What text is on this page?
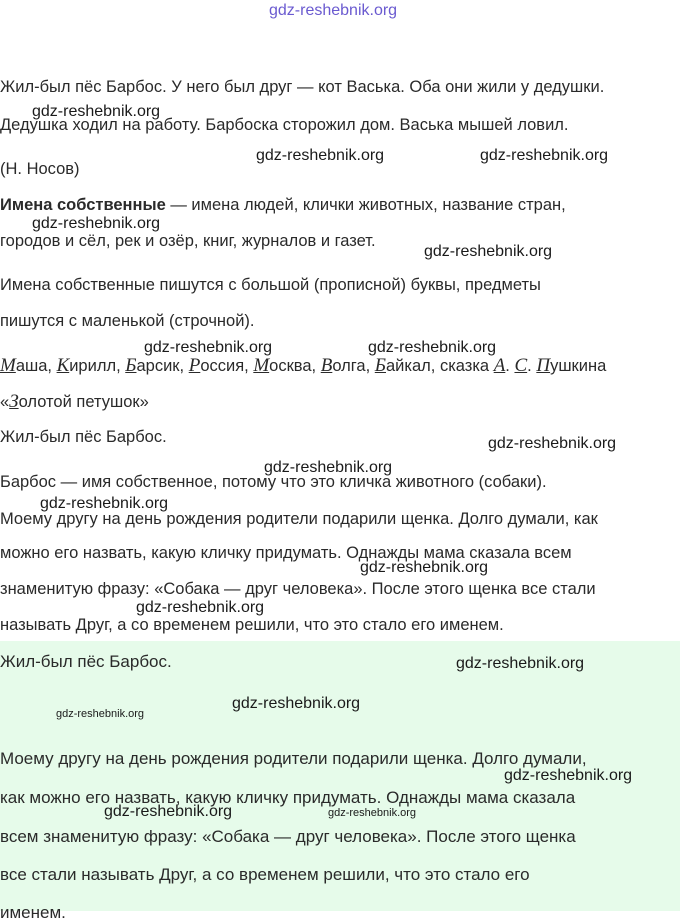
gdz-reshebnik.org
Жил-был пёс Барбос. У него был друг — кот Васька. Оба они жили у дедушки.
Дедушка ходил на работу. Барбоска сторожил дом. Васька мышей ловил.
(Н. Носов)
Имена собственные — имена людей, клички животных, название стран,
городов и сёл, рек и озёр, книг, журналов и газет.
Имена собственные пишутся с большой (прописной) буквы, предметы
пишутся с маленькой (строчной).
Маша, Кирилл, Барсик, Россия, Москва, Волга, Байкал, сказка А. С. Пушкина
«Золотой петушок»
Жил-был пёс Барбос.
Барбос — имя собственное, потому что это кличка животного (собаки).
Моему другу на день рождения родители подарили щенка. Долго думали, как
можно его назвать, какую кличку придумать. Однажды мама сказала всем
знаменитую фразу: «Собака — друг человека». После этого щенка все стали
называть Друг, а со временем решили, что это стало его именем.
Жил-был пёс Барбос.
Моему другу на день рождения родители подарили щенка. Долго думали,
как можно его назвать, какую кличку придумать. Однажды мама сказала
всем знаменитую фразу: «Собака — друг человека». После этого щенка
все стали называть Друг, а со временем решили, что это стало его
именем.
gdz-reshebnik.org
gdz-reshebnik.org	gdz-reshebnik.org
gdz-reshebnik.org
gdz-reshebnik.org
gdz-reshebnik.org	gdz-reshebnik.org
gdz-reshebnik.org
gdz-reshebnik.org
gdz-reshebnik.org
gdz-reshebnik.org
gdz-reshebnik.org
gdz-reshebnik.org
gdz-reshebnik.org
gdz-reshebnik.org
gdz-reshebnik.org
gdz-reshebnik.org	gdz-reshebnik.org
